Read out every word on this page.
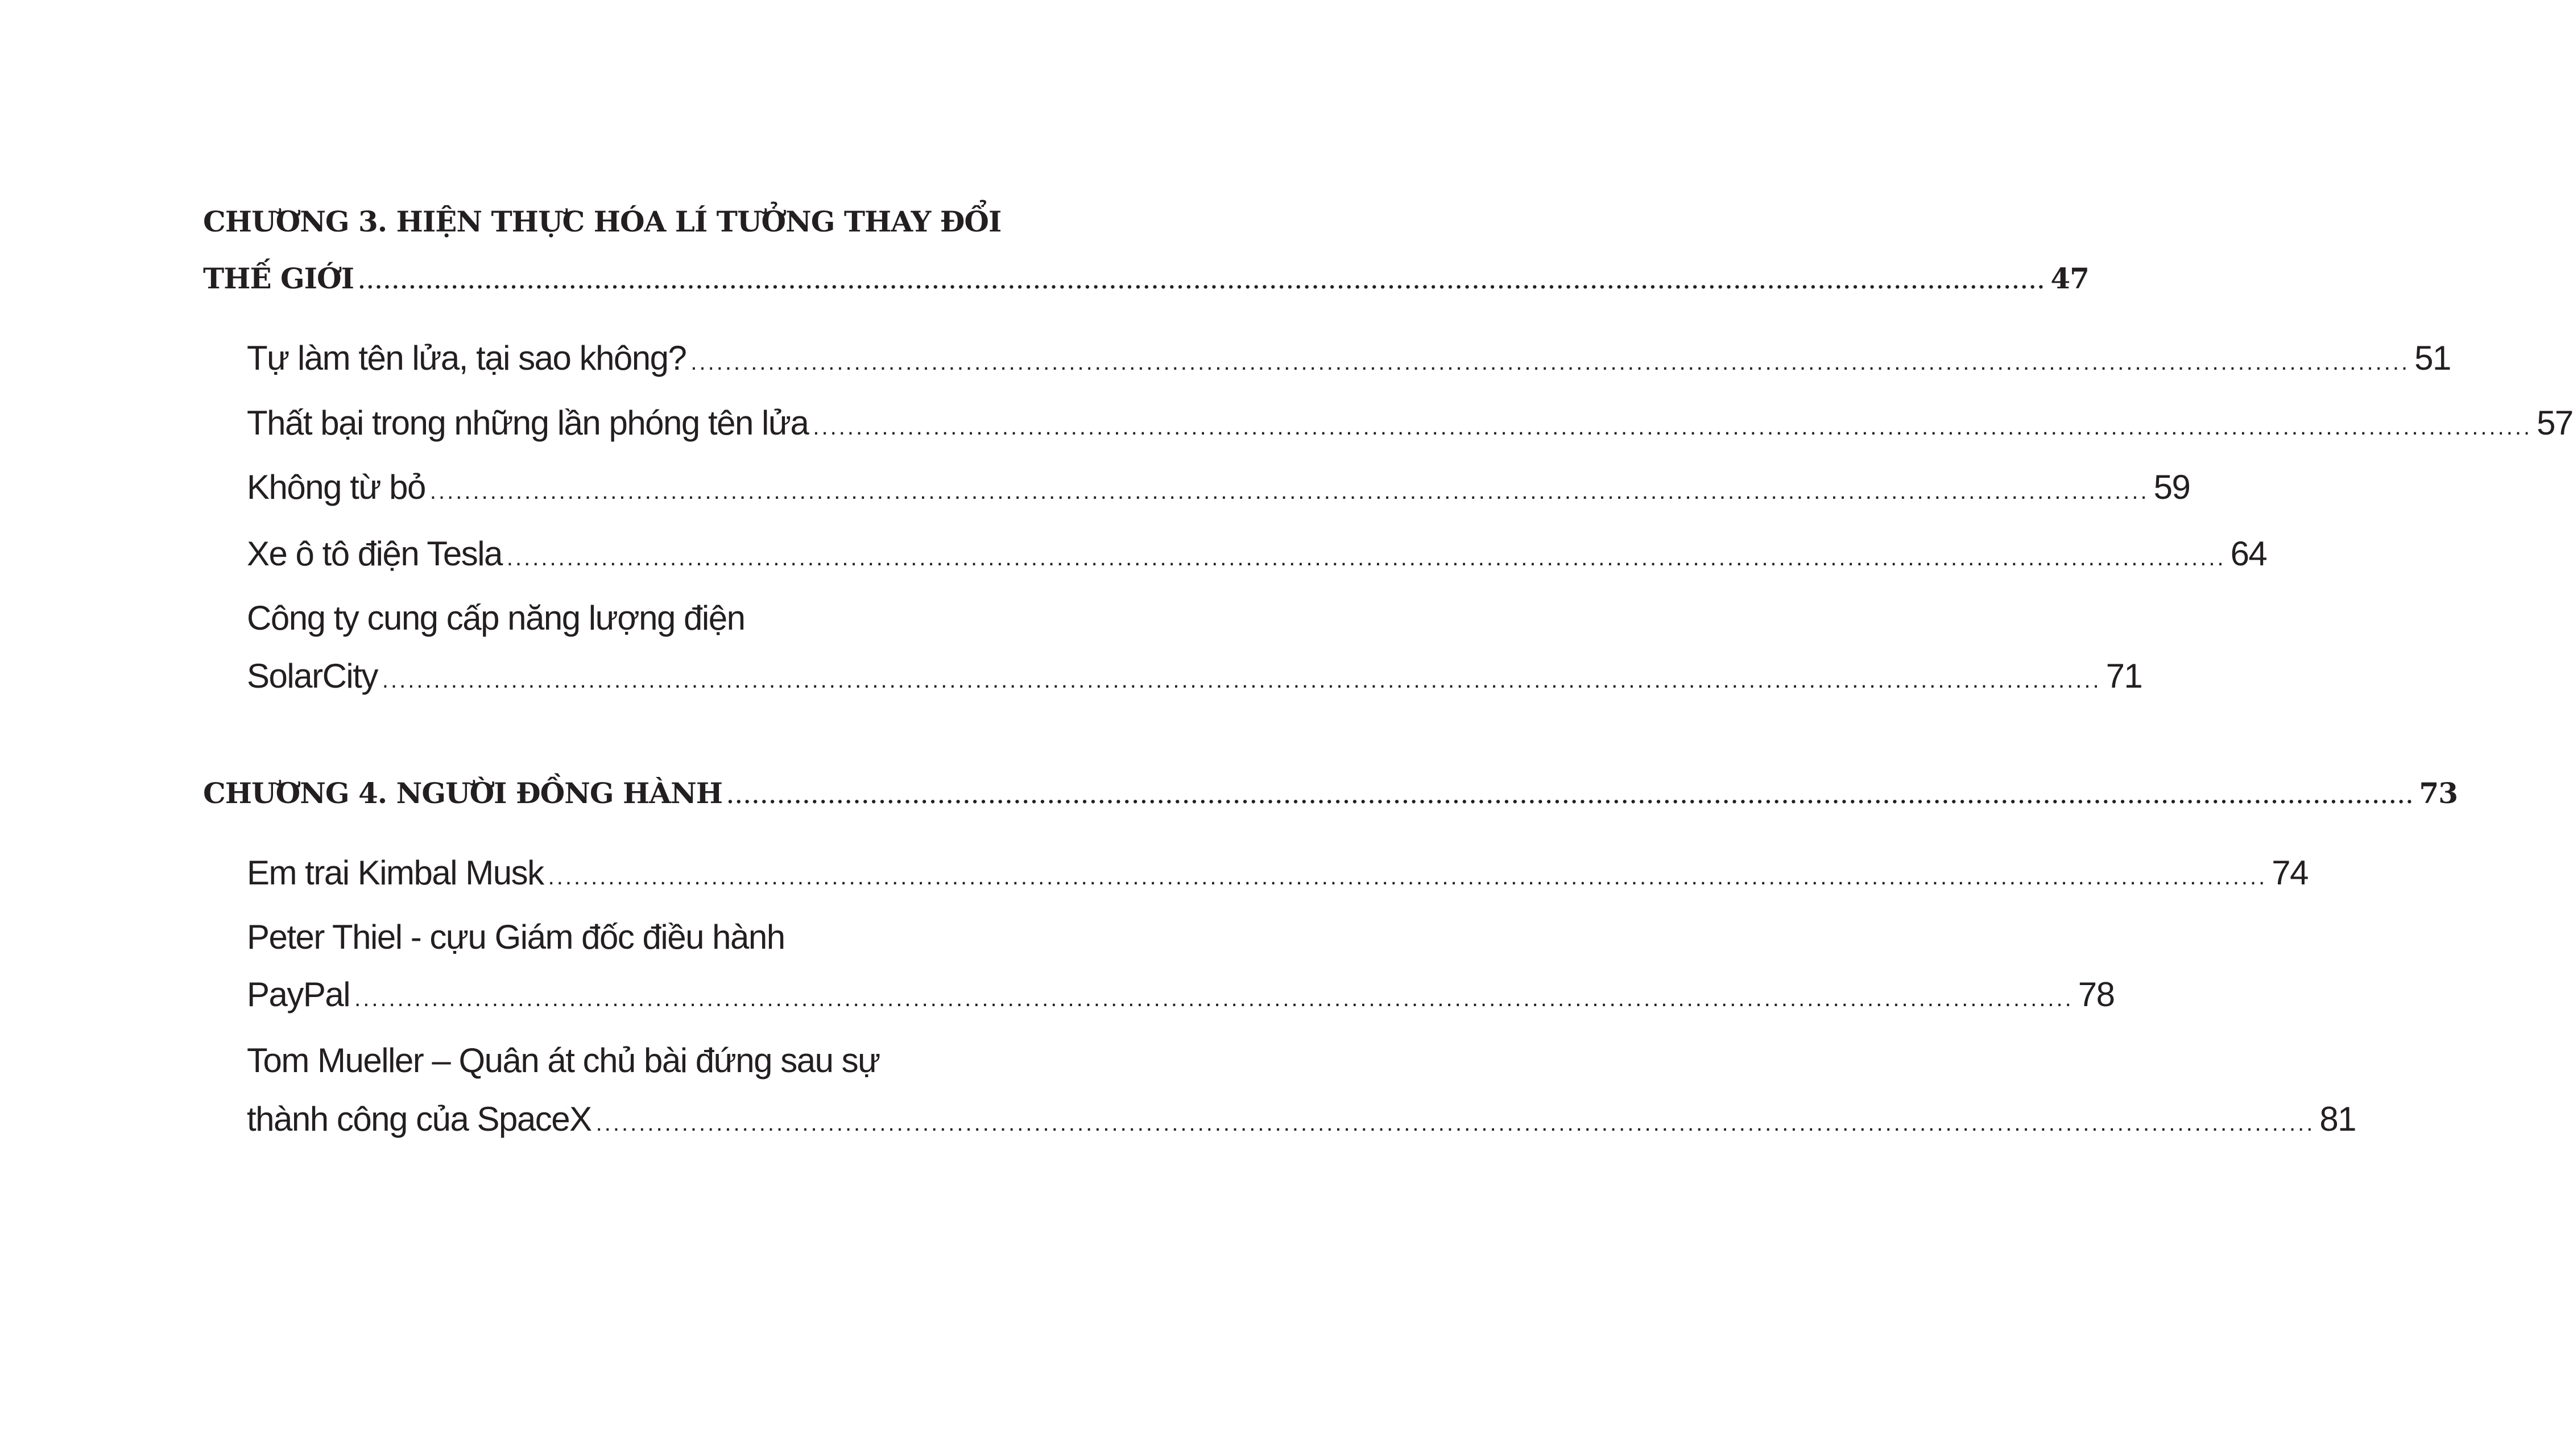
CHƯƠNG 3. HIỆN THỰC HÓA LÍ TƯỞNG THAY ĐỔI
THẾ GIỚI ........................................................................................................................................................................................................ 47
Tự làm tên lửa, tại sao không? ........................................................................................................................................................................................................ 51
Thất bại trong những lần phóng tên lửa ........................................................................................................................................................................................................ 57
Không từ bỏ ........................................................................................................................................................................................................ 59
Xe ô tô điện Tesla ........................................................................................................................................................................................................ 64
Công ty cung cấp năng lượng điện
SolarCity ........................................................................................................................................................................................................ 71
CHƯƠNG 4. NGƯỜI ĐỒNG HÀNH ........................................................................................................................................................................................................ 73
Em trai Kimbal Musk ........................................................................................................................................................................................................ 74
Peter Thiel - cựu Giám đốc điều hành
PayPal ........................................................................................................................................................................................................ 78
Tom Mueller – Quân át chủ bài đứng sau sự
thành công của SpaceX ........................................................................................................................................................................................................ 81
